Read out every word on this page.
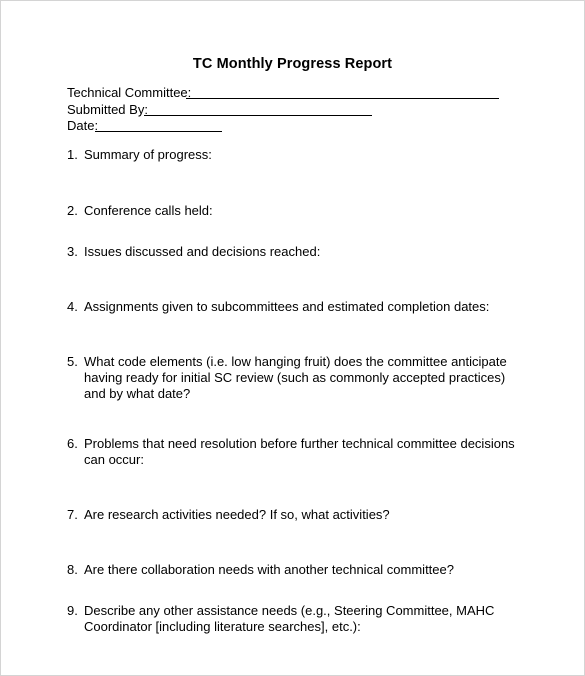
TC Monthly Progress Report
Technical Committee:
Submitted By:
Date:
1. Summary of progress:
2. Conference calls held:
3. Issues discussed and decisions reached:
4. Assignments given to subcommittees and estimated completion dates:
5. What code elements (i.e. low hanging fruit) does the committee anticipate having ready for initial SC review (such as commonly accepted practices) and by what date?
6. Problems that need resolution before further technical committee decisions can occur:
7. Are research activities needed? If so, what activities?
8. Are there collaboration needs with another technical committee?
9. Describe any other assistance needs (e.g., Steering Committee, MAHC Coordinator [including literature searches], etc.):
